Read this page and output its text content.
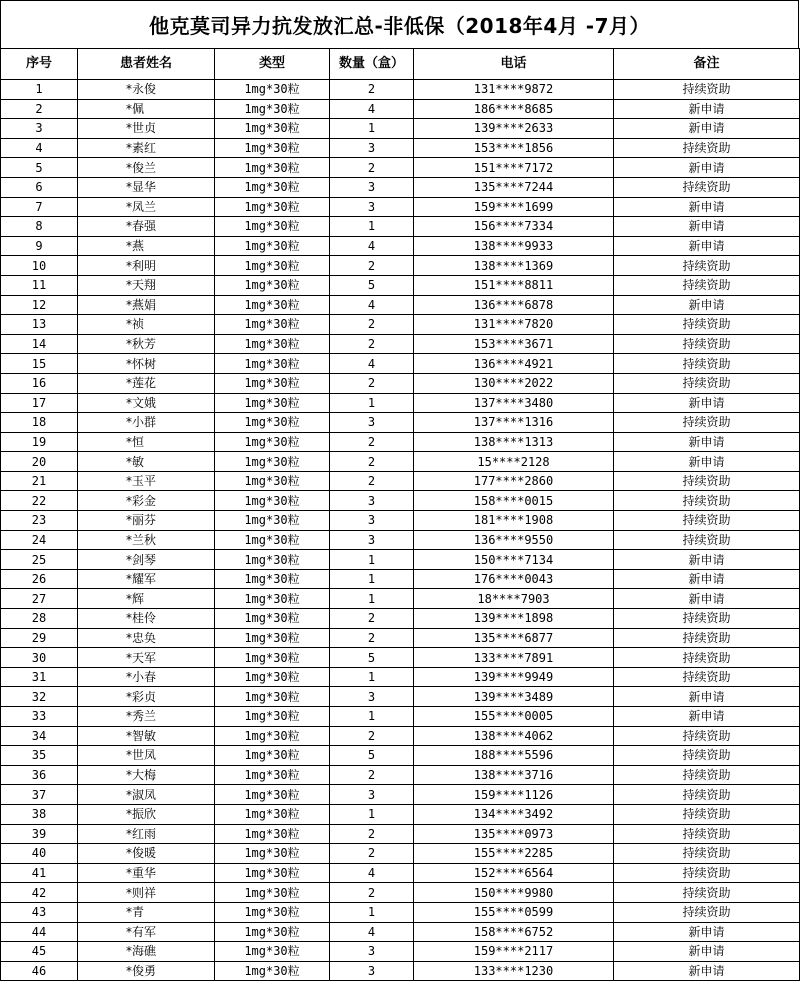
他克莫司异力抗发放汇总-非低保（2018年4月 -7月）
序号	患者姓名	类型	数量（盒）	电话	备注
1	*永俊	1mg*30粒	2	131****9872	持续资助
2	*佩	1mg*30粒	4	186****8685	新申请
3	*世贞	1mg*30粒	1	139****2633	新申请
4	*素红	1mg*30粒	3	153****1856	持续资助
5	*俊兰	1mg*30粒	2	151****7172	新申请
6	*显华	1mg*30粒	3	135****7244	持续资助
7	*凤兰	1mg*30粒	3	159****1699	新申请
8	*春强	1mg*30粒	1	156****7334	新申请
9	*燕	1mg*30粒	4	138****9933	新申请
10	*利明	1mg*30粒	2	138****1369	持续资助
11	*天翔	1mg*30粒	5	151****8811	持续资助
12	*燕娟	1mg*30粒	4	136****6878	新申请
13	*祯	1mg*30粒	2	131****7820	持续资助
14	*秋芳	1mg*30粒	2	153****3671	持续资助
15	*怀树	1mg*30粒	4	136****4921	持续资助
16	*莲花	1mg*30粒	2	130****2022	持续资助
17	*文娥	1mg*30粒	1	137****3480	新申请
18	*小群	1mg*30粒	3	137****1316	持续资助
19	*恒	1mg*30粒	2	138****1313	新申请
20	*敏	1mg*30粒	2	15****2128	新申请
21	*玉平	1mg*30粒	2	177****2860	持续资助
22	*彩金	1mg*30粒	3	158****0015	持续资助
23	*丽芬	1mg*30粒	3	181****1908	持续资助
24	*兰秋	1mg*30粒	3	136****9550	持续资助
25	*剑琴	1mg*30粒	1	150****7134	新申请
26	*耀军	1mg*30粒	1	176****0043	新申请
27	*辉	1mg*30粒	1	18****7903	新申请
28	*桂伶	1mg*30粒	2	139****1898	持续资助
29	*忠奂	1mg*30粒	2	135****6877	持续资助
30	*天军	1mg*30粒	5	133****7891	持续资助
31	*小春	1mg*30粒	1	139****9949	持续资助
32	*彩贞	1mg*30粒	3	139****3489	新申请
33	*秀兰	1mg*30粒	1	155****0005	新申请
34	*智敏	1mg*30粒	2	138****4062	持续资助
35	*世凤	1mg*30粒	5	188****5596	持续资助
36	*大梅	1mg*30粒	2	138****3716	持续资助
37	*淑凤	1mg*30粒	3	159****1126	持续资助
38	*振欣	1mg*30粒	1	134****3492	持续资助
39	*红雨	1mg*30粒	2	135****0973	持续资助
40	*俊暖	1mg*30粒	2	155****2285	持续资助
41	*重华	1mg*30粒	4	152****6564	持续资助
42	*则祥	1mg*30粒	2	150****9980	持续资助
43	*青	1mg*30粒	1	155****0599	持续资助
44	*有军	1mg*30粒	4	158****6752	新申请
45	*海礁	1mg*30粒	3	159****2117	新申请
46	*俊勇	1mg*30粒	3	133****1230	新申请
